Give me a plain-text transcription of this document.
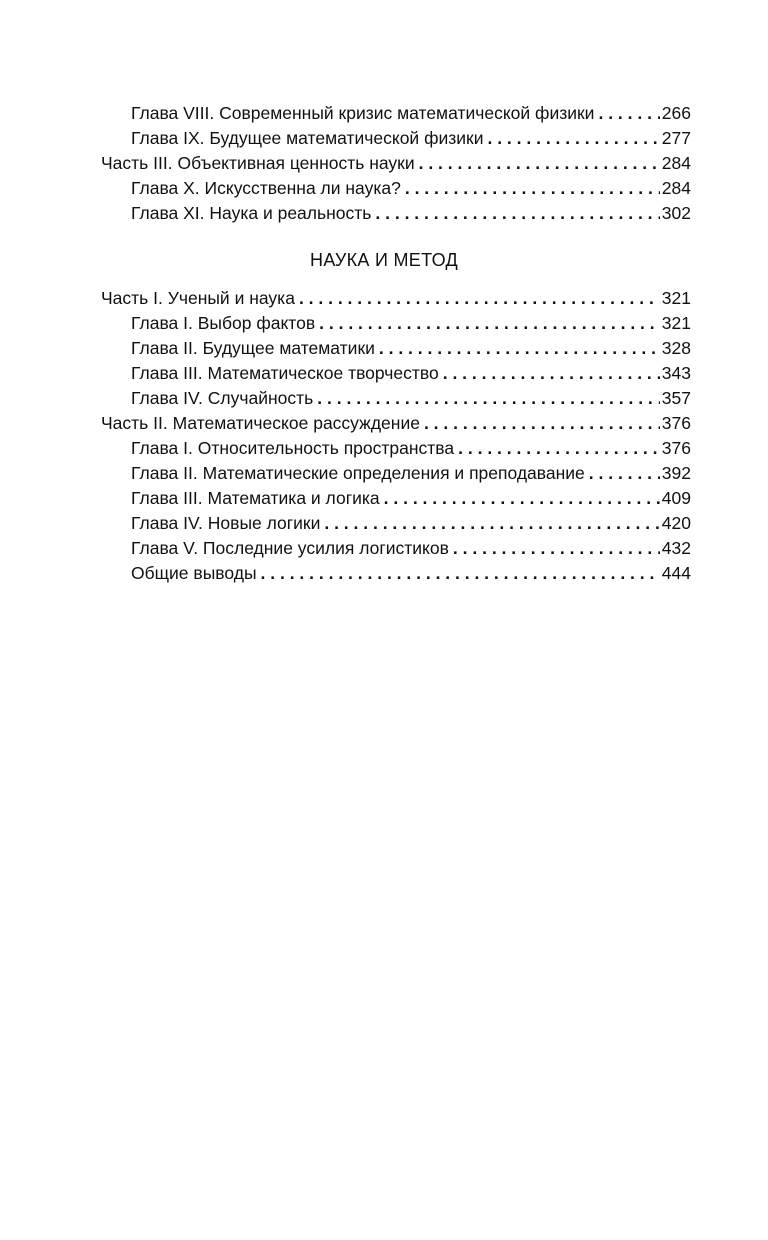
Глава VIII. Современный кризис математической физики . . .	266
Глава IX. Будущее математической физики . . .	277
Часть III. Объективная ценность науки . . .	284
Глава X. Искусственна ли наука? . . .	284
Глава XI. Наука и реальность . . .	302
НАУКА И МЕТОД
Часть I. Ученый и наука . . .	321
Глава I. Выбор фактов . . .	321
Глава II. Будущее математики . . .	328
Глава III. Математическое творчество . . .	343
Глава IV. Случайность . . .	357
Часть II. Математическое рассуждение . . .	376
Глава I. Относительность пространства . . .	376
Глава II. Математические определения и преподавание . . .	392
Глава III. Математика и логика . . .	409
Глава IV. Новые логики . . .	420
Глава V. Последние усилия логистиков . . .	432
Общие выводы . . .	444
